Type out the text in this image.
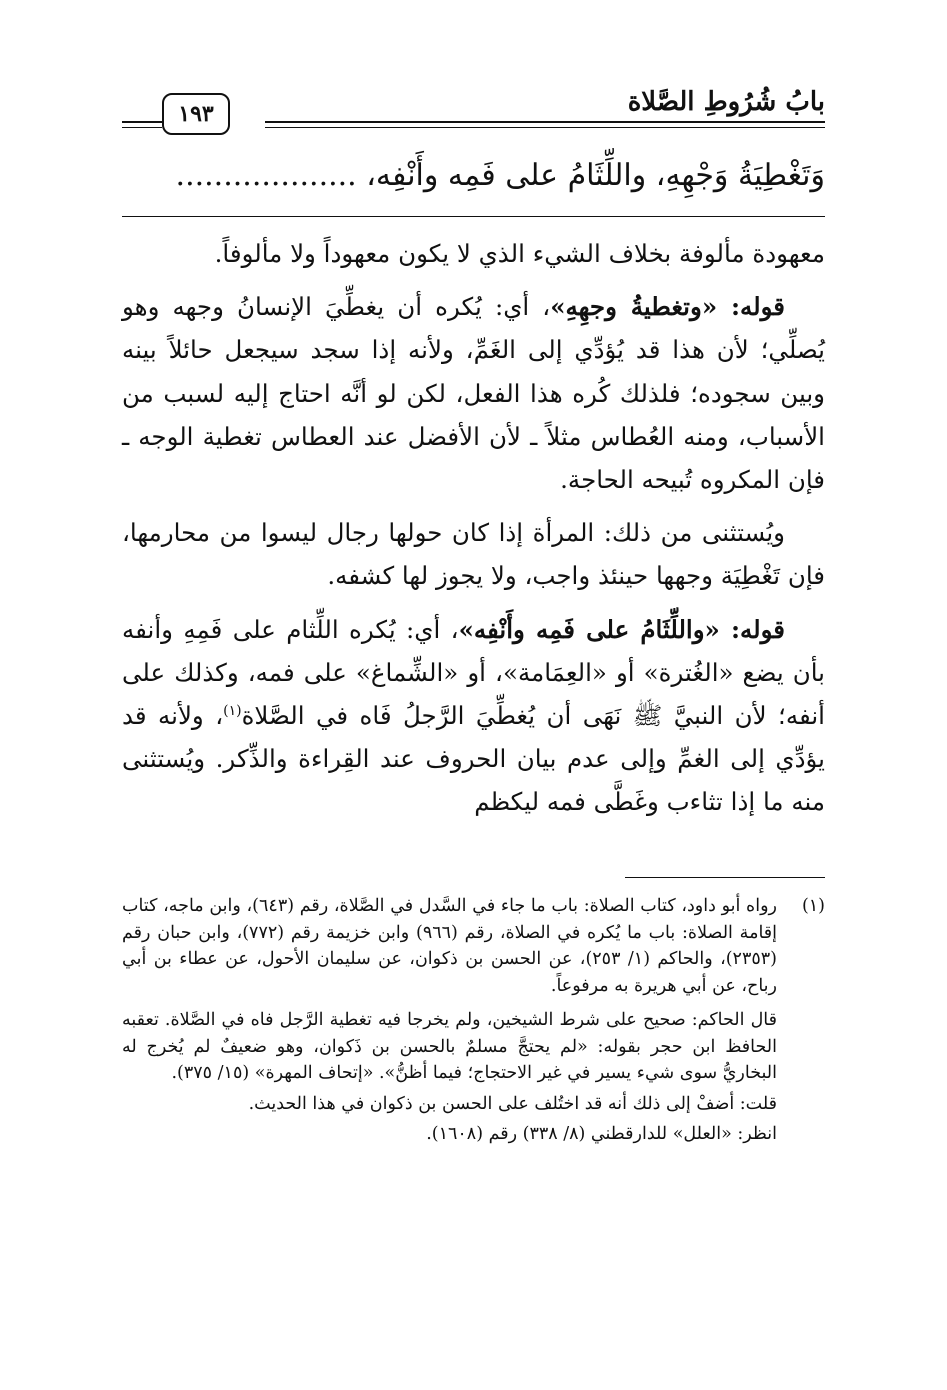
بابُ شُرُوطِ الصَّلاة
١٩٣
وَتَغْطِيَةُ وَجْهِهِ، واللِّثَامُ على فَمِه وأَنْفِه، ...................

معهودة مألوفة بخلاف الشيء الذي لا يكون معهوداً ولا مألوفاً.

قوله: «وتغطيةُ وجهِهِ»، أي: يُكره أن يغطِّيَ الإنسانُ وجهه وهو يُصلِّي؛ لأن هذا قد يُؤدِّي إلى الغَمِّ، ولأنه إذا سجد سيجعل حائلاً بينه وبين سجوده؛ فلذلك كُره هذا الفعل، لكن لو أنَّه احتاج إليه لسبب من الأسباب، ومنه العُطاس مثلاً ـ لأن الأفضل عند العطاس تغطية الوجه ـ فإن المكروه تُبيحه الحاجة.

ويُستثنى من ذلك: المرأة إذا كان حولها رجال ليسوا من محارمها، فإن تَغْطِيَة وجهها حينئذ واجب، ولا يجوز لها كشفه.

قوله: «واللِّثَامُ على فَمِه وأَنْفِه»، أي: يُكره اللِّثام على فَمِهِ وأنفه بأن يضع «الغُترة» أو «العِمَامة»، أو «الشِّماغ» على فمه، وكذلك على أنفه؛ لأن النبيَّ ﷺ نَهَى أن يُغطِّيَ الرَّجلُ فَاه في الصَّلاة$^{(١)}$، ولأنه قد يؤدِّي إلى الغمِّ وإلى عدم بيان الحروف عند القِراءة والذِّكر. ويُستثنى منه ما إذا تثاءب وغَطَّى فمه ليكظم

(١)

رواه أبو داود، كتاب الصلاة: باب ما جاء في السَّدل في الصَّلاة، رقم (٦٤٣)، وابن ماجه، كتاب إقامة الصلاة: باب ما يُكره في الصلاة، رقم (٩٦٦) وابن خزيمة رقم (٧٧٢)، وابن حبان رقم (٢٣٥٣)، والحاكم (١/ ٢٥٣)، عن الحسن بن ذكوان، عن سليمان الأحول، عن عطاء بن أبي رباح، عن أبي هريرة به مرفوعاً.

قال الحاكم: صحيح على شرط الشيخين، ولم يخرجا فيه تغطية الرَّجل فاه في الصَّلاة. تعقبه الحافظ ابن حجر بقوله: «لم يحتجَّ مسلمٌ بالحسن بن ذَكوان، وهو ضعيفٌ لم يُخرج له البخاريُّ سوى شيء يسير في غير الاحتجاج؛ فيما أظنُّ». «إتحاف المهرة» (١٥/ ٣٧٥).

قلت: أضفْ إلى ذلك أنه قد اختُلف على الحسن بن ذكوان في هذا الحديث.

انظر: «العلل» للدارقطني (٨/ ٣٣٨) رقم (١٦٠٨).
